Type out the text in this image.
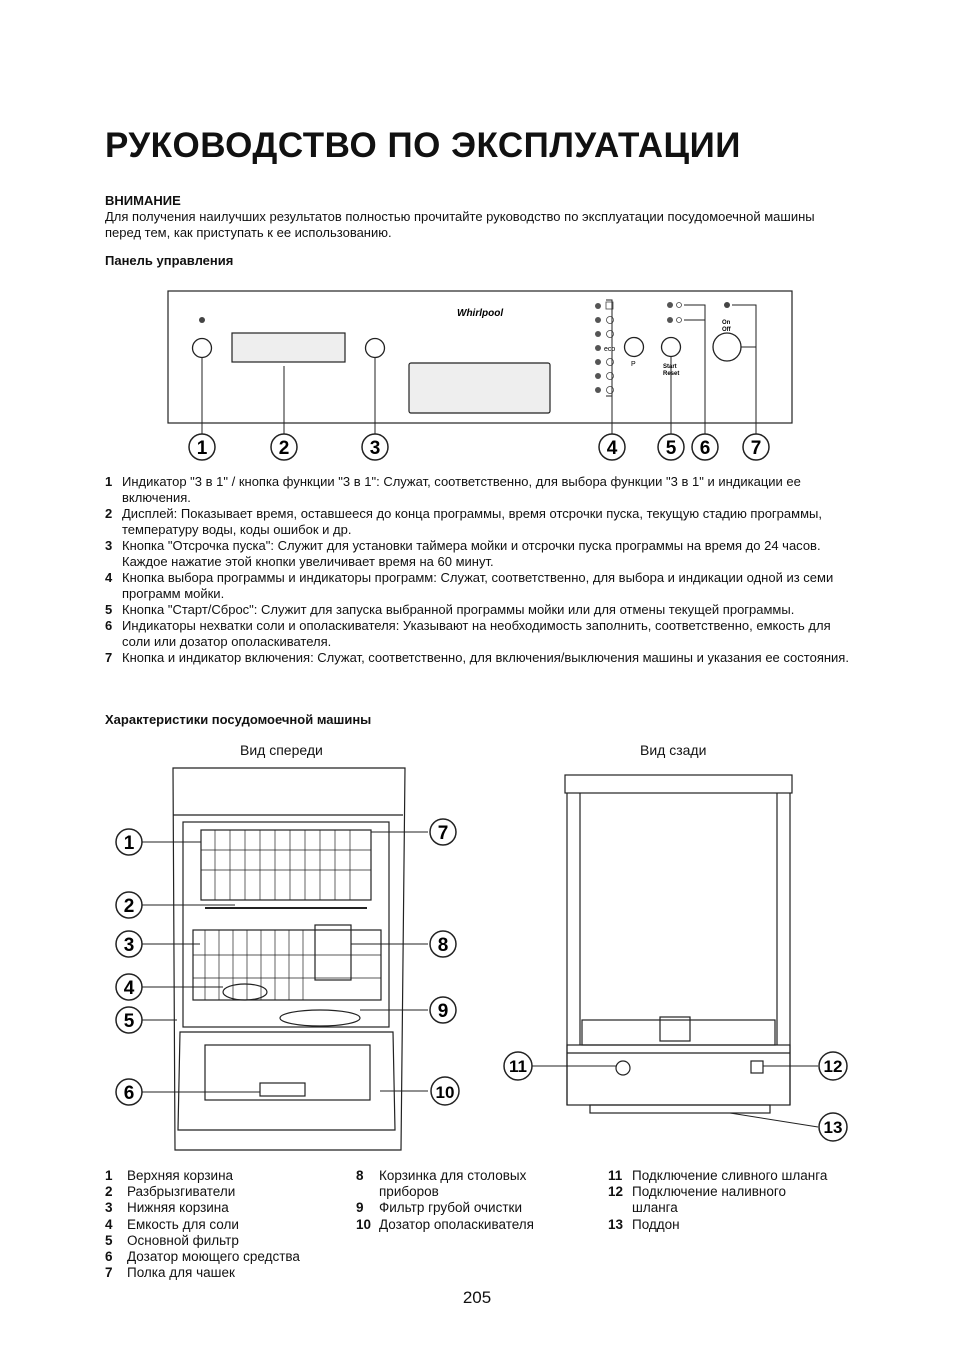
РУКОВОДСТВО ПО ЭКСПЛУАТАЦИИ
ВНИМАНИЕ
Для получения наилучших результатов полностью прочитайте руководство по эксплуатации посудомоечной машины перед тем, как приступать к ее использованию.
Панель управления
Whirlpool
eco
P	Start
Reset
On
Off
1	2	3	4	5 6 7
1 Индикатор "3 в 1" / кнопка функции "3 в 1": Служат, соответственно, для выбора функции "3 в 1" и индикации ее включения.
2 Дисплей: Показывает время, оставшееся до конца программы, время отсрочки пуска, текущую стадию программы, температуру воды, коды ошибок и др.
3 Кнопка "Отсрочка пуска": Служит для установки таймера мойки и отсрочки пуска программы на время до 24 часов. Каждое нажатие этой кнопки увеличивает время на 60 минут.
4 Кнопка выбора программы и индикаторы программ: Служат, соответственно, для выбора и индикации одной из семи программ мойки.
5 Кнопка "Старт/Сброс": Служит для запуска выбранной программы мойки или для отмены текущей программы.
6 Индикаторы нехватки соли и ополаскивателя: Указывают на необходимость заполнить, соответственно, емкость для соли или дозатор ополаскивателя.
7 Кнопка и индикатор включения: Служат, соответственно, для включения/выключения машины и указания ее состояния.
Характеристики посудомоечной машины
Вид спереди	Вид сзади
1
2
3
4
5
6
7
8
9
10
11	12
13
1	Верхняя корзина
2	Разбрызгиватели
3	Нижняя корзина
4	Емкость для соли
5	Основной фильтр
6	Дозатор моющего средства
7	Полка для чашек
8	Корзинка для столовых приборов
9	Фильтр грубой очистки
10 Дозатор ополаскивателя
11 Подключение сливного шланга
12 Подключение наливного шланга
13 Поддон
205
